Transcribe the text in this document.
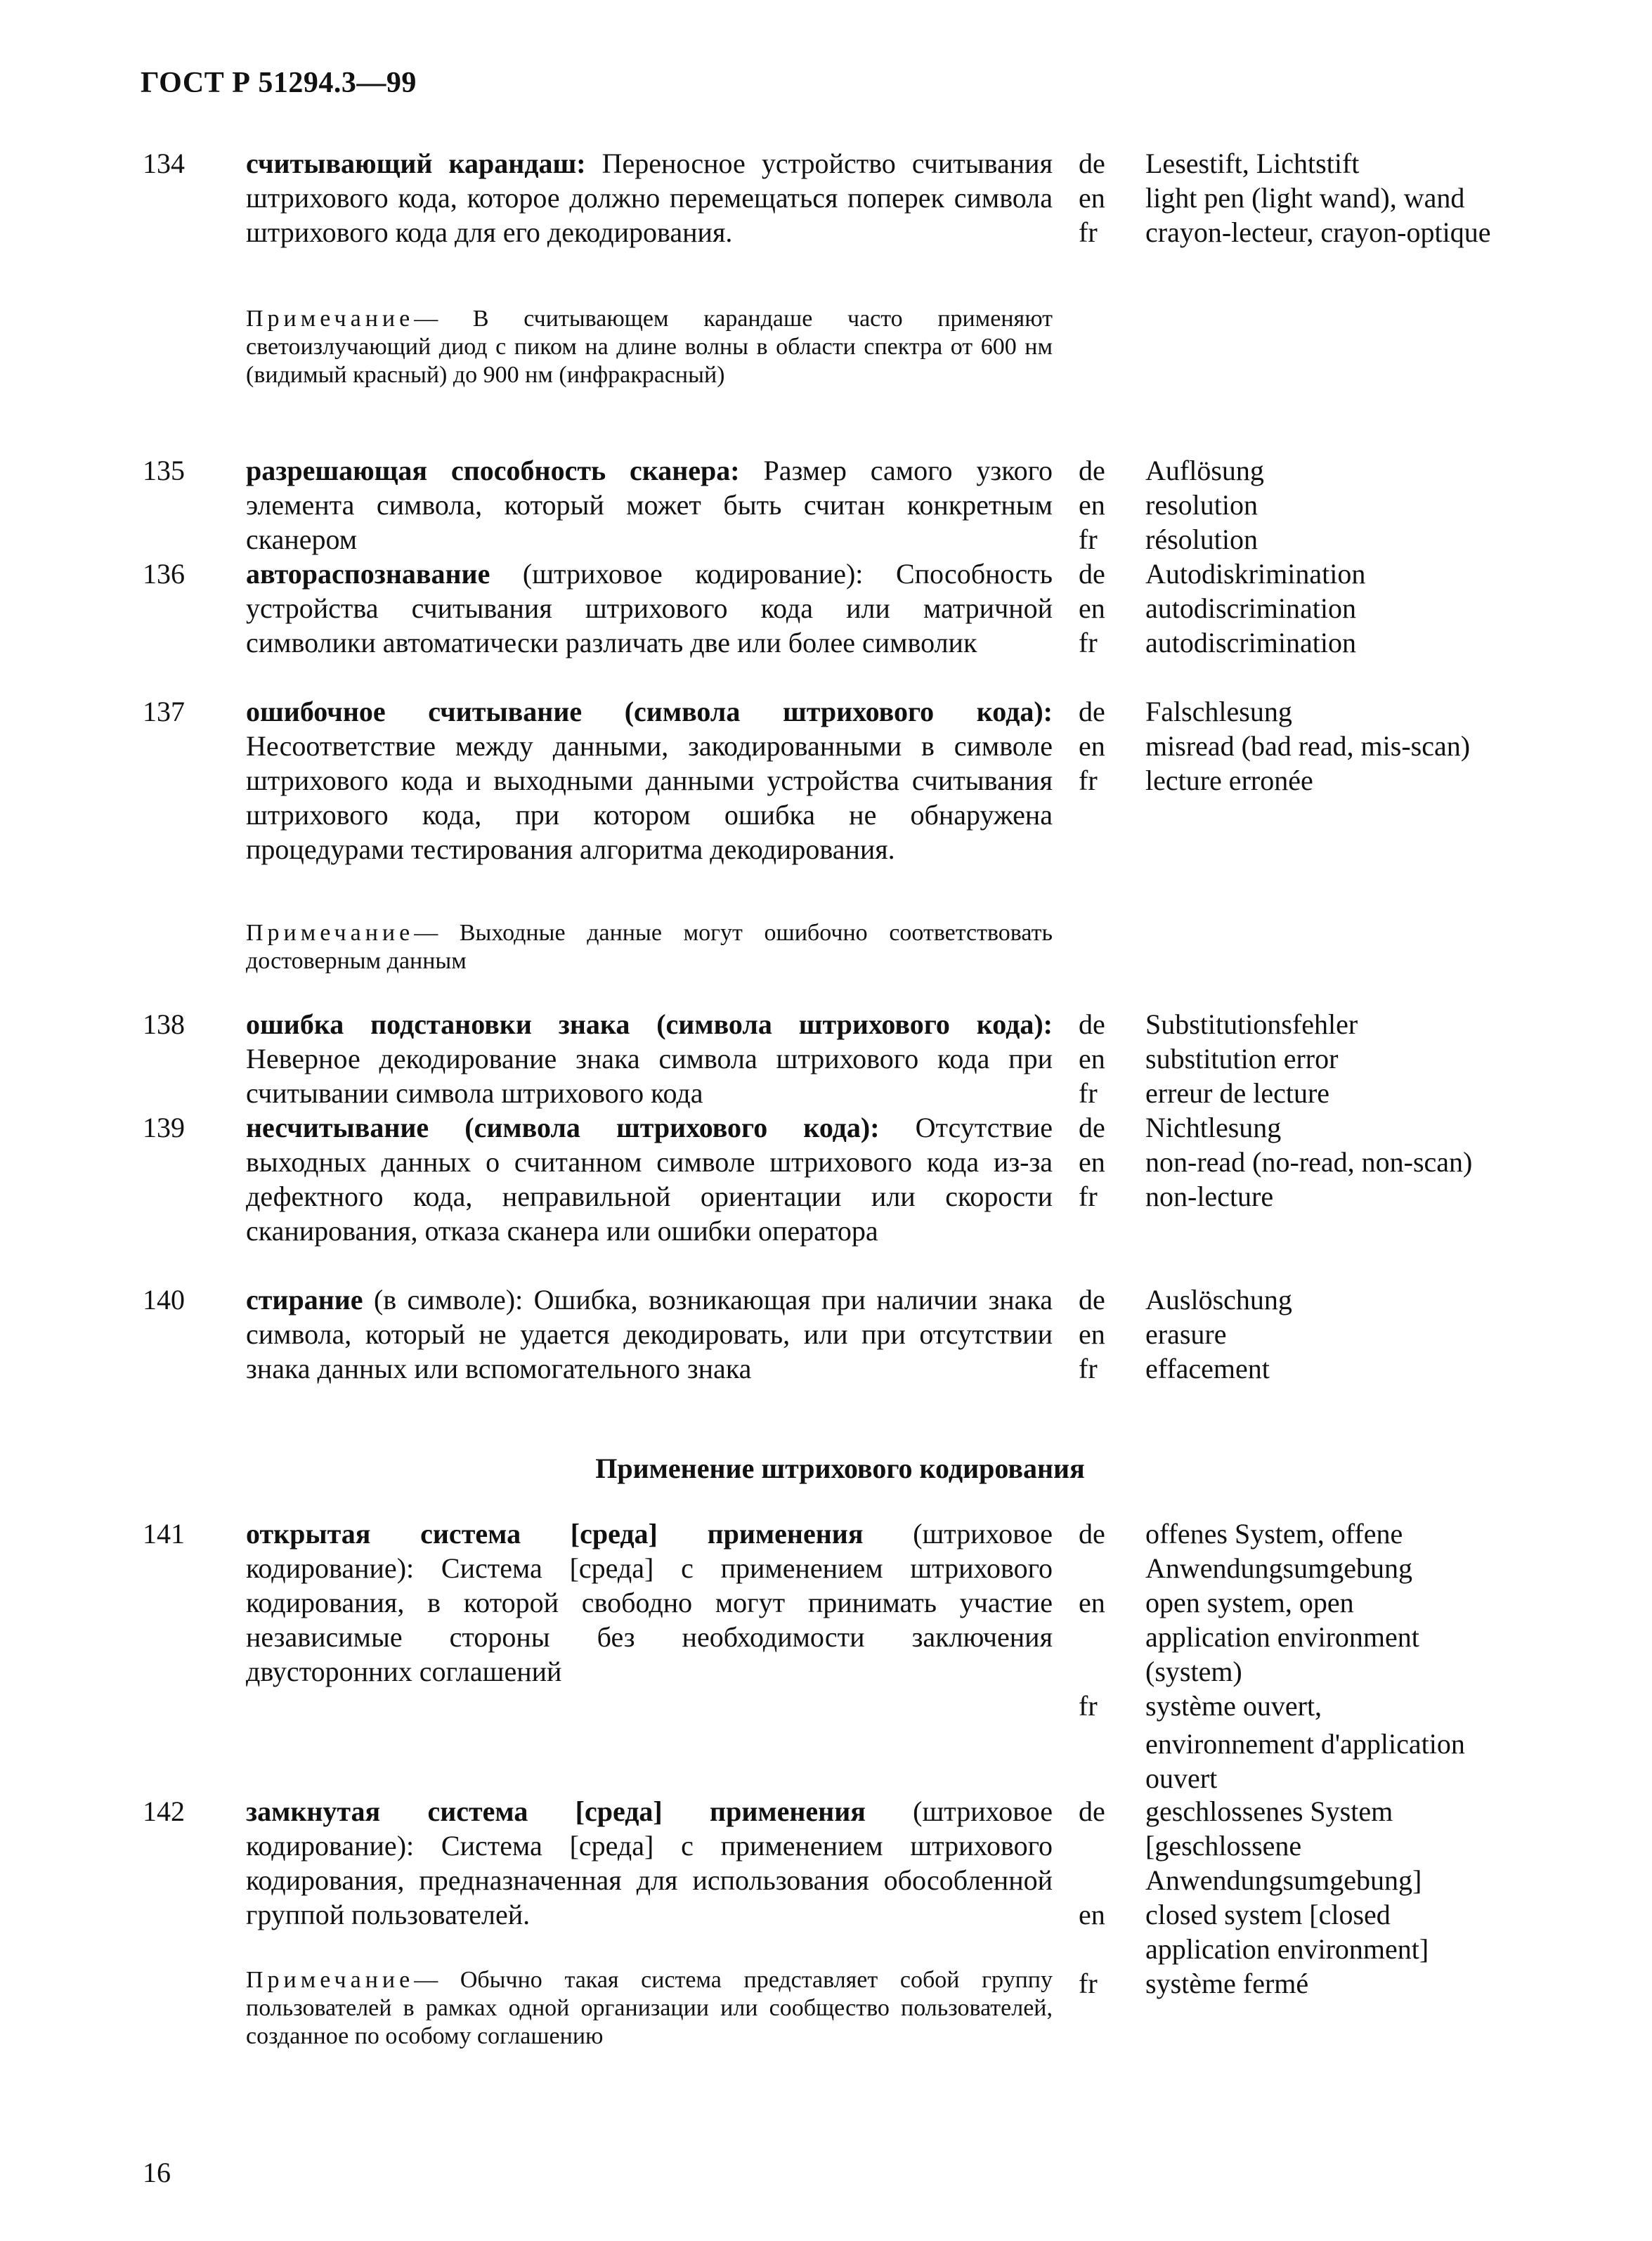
ГОСТ Р 51294.3—99
134 считывающий карандаш: Переносное устройство считывания штрихового кода, которое должно перемещаться поперек символа штрихового кода для его декодирования.
Примечание— В считывающем карандаше часто применяют светоизлучающий диод с пиком на длине волны в области спектра от 600 нм (видимый красный) до 900 нм (инфракрасный)
de Lesestift, Lichtstift
en light pen (light wand), wand
fr crayon-lecteur, crayon-optique
135 разрешающая способность сканера: Размер самого узкого элемента символа, который может быть считан конкретным сканером
de Auflösung
en resolution
fr résolution
136 автораспознавание (штриховое кодирование): Способность устройства считывания штрихового кода или матричной символики автоматически различать две или более символик
de Autodiskrimination
en autodiscrimination
fr autodiscrimination
137 ошибочное считывание (символа штрихового кода): Несоответствие между данными, закодированными в символе штрихового кода и выходными данными устройства считывания штрихового кода, при котором ошибка не обнаружена процедурами тестирования алгоритма декодирования.
Примечание— Выходные данные могут ошибочно соответствовать достоверным данным
de Falschlesung
en misread (bad read, mis-scan)
fr lecture erronée
138 ошибка подстановки знака (символа штрихового кода): Неверное декодирование знака символа штрихового кода при считывании символа штрихового кода
de Substitutionsfehler
en substitution error
fr erreur de lecture
139 несчитывание (символа штрихового кода): Отсутствие выходных данных о считанном символе штрихового кода из-за дефектного кода, неправильной ориентации или скорости сканирования, отказа сканера или ошибки оператора
de Nichtlesung
en non-read (no-read, non-scan)
fr non-lecture
140 стирание (в символе): Ошибка, возникающая при наличии знака символа, который не удается декодировать, или при отсутствии знака данных или вспомогательного знака
de Auslöschung
en erasure
fr effacement
Применение штрихового кодирования
141 открытая система [среда] применения (штриховое кодирование): Система [среда] с применением штрихового кодирования, в которой свободно могут принимать участие независимые стороны без необходимости заключения двусторонних соглашений
de offenes System, offene
Anwendungsumgebung
en open system, open
application environment
(system)
fr système ouvert,
environnement d'application
ouvert
142 замкнутая система [среда] применения (штриховое кодирование): Система [среда] с применением штрихового кодирования, предназначенная для использования обособленной группой пользователей.
Примечание— Обычно такая система представляет собой группу пользователей в рамках одной организации или сообщество пользователей, созданное по особому соглашению
de geschlossenes System
[geschlossene
Anwendungsumgebung]
en closed system [closed
application environment]
fr système fermé
16
